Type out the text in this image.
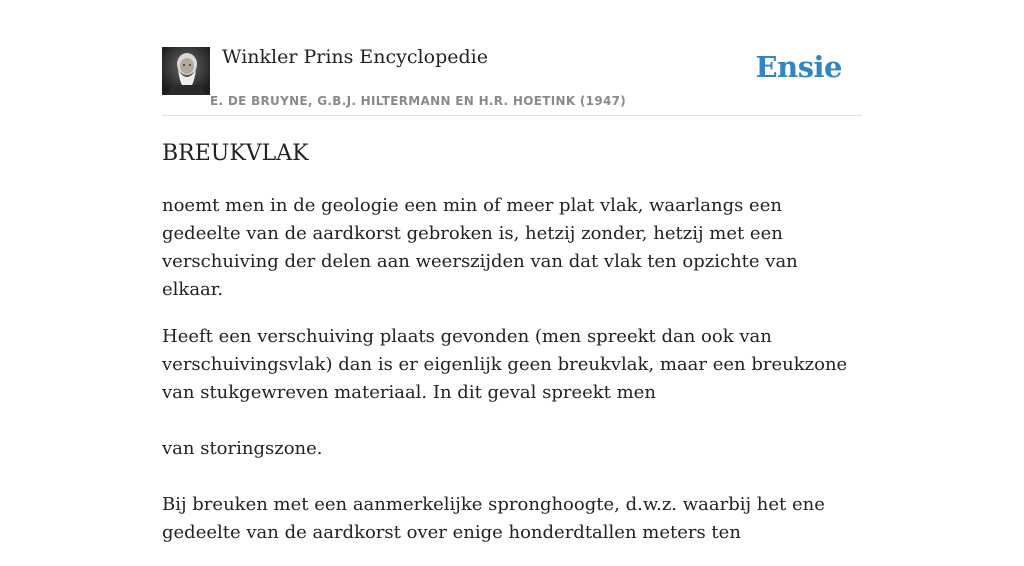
Winkler Prins Encyclopedie	Ensie
E. DE BRUYNE, G.B.J. HILTERMANN EN H.R. HOETINK (1947)
BREUKVLAK

noemt men in de geologie een min of meer plat vlak, waarlangs een gedeelte van de aardkorst gebroken is, hetzij zonder, hetzij met een verschuiving der delen aan weerszijden van dat vlak ten opzichte van elkaar.

Heeft een verschuiving plaats gevonden (men spreekt dan ook van verschuivingsvlak) dan is er eigenlijk geen breukvlak, maar een breukzone van stukgewreven materiaal. In dit geval spreekt men

van storingszone.

Bij breuken met een aanmerkelijke spronghoogte, d.w.z. waarbij het ene gedeelte van de aardkorst over enige honderdtallen meters ten
